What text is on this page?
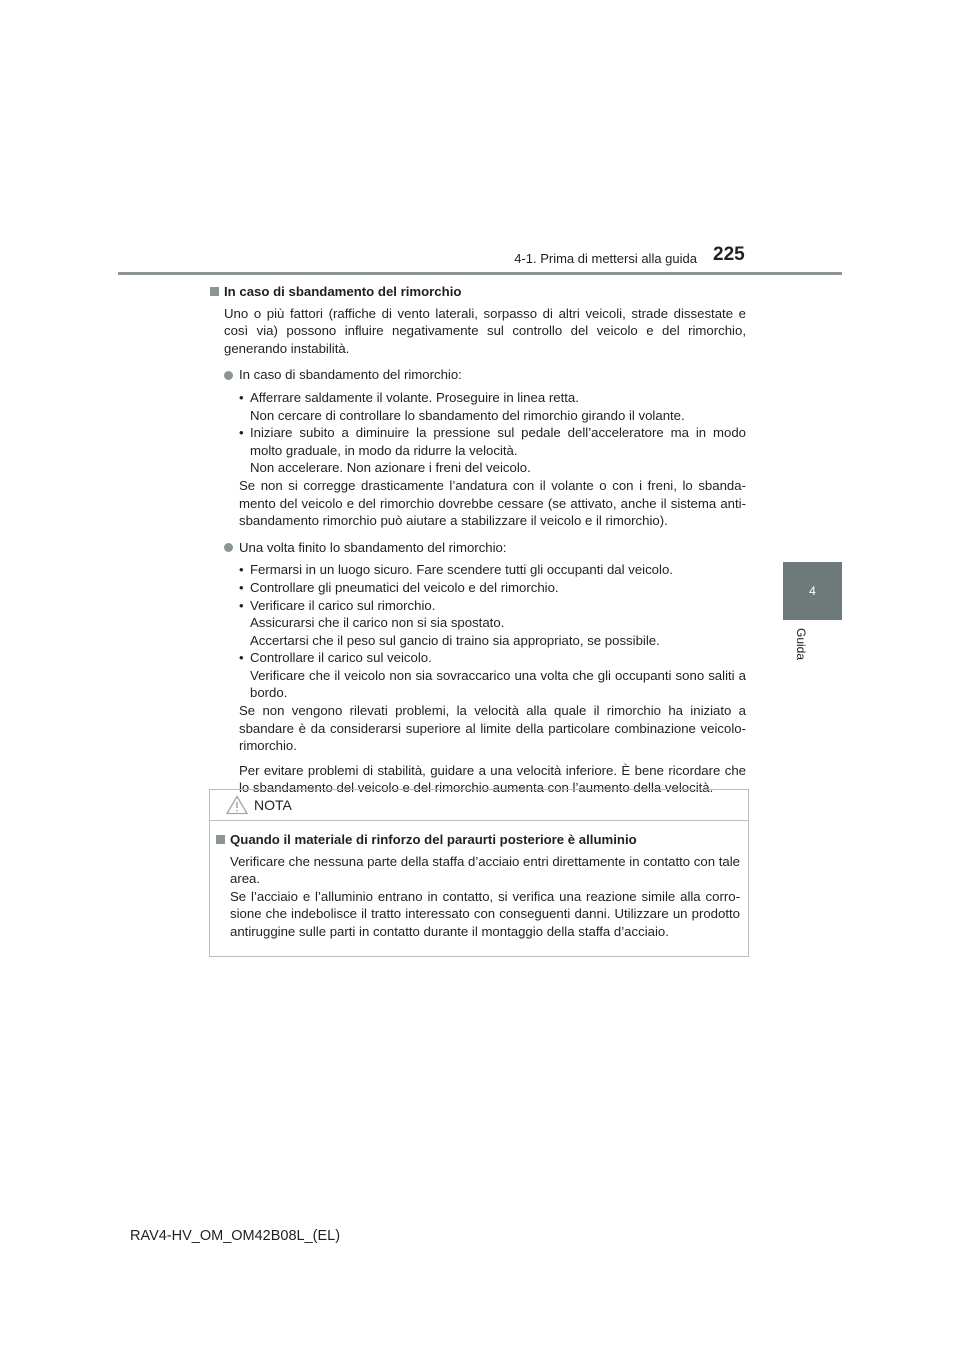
4-1. Prima di mettersi alla guida 225
4
Guida
In caso di sbandamento del rimorchio

Uno o più fattori (raffiche di vento laterali, sorpasso di altri veicoli, strade dissestate e così via) possono influire negativamente sul controllo del veicolo e del rimorchio, generando instabilità.

In caso di sbandamento del rimorchio:
• Afferrare saldamente il volante. Proseguire in linea retta.
Non cercare di controllare lo sbandamento del rimorchio girando il volante.
• Iniziare subito a diminuire la pressione sul pedale dell’acceleratore ma in modo molto graduale, in modo da ridurre la velocità.
Non accelerare. Non azionare i freni del veicolo.
Se non si corregge drasticamente l’andatura con il volante o con i freni, lo sbandamento del veicolo e del rimorchio dovrebbe cessare (se attivato, anche il sistema anti-sbandamento rimorchio può aiutare a stabilizzare il veicolo e il rimorchio).
Una volta finito lo sbandamento del rimorchio:
• Fermarsi in un luogo sicuro. Fare scendere tutti gli occupanti dal veicolo.
• Controllare gli pneumatici del veicolo e del rimorchio.
• Verificare il carico sul rimorchio.
Assicurarsi che il carico non si sia spostato.
Accertarsi che il peso sul gancio di traino sia appropriato, se possibile.
• Controllare il carico sul veicolo.
Verificare che il veicolo non sia sovraccarico una volta che gli occupanti sono saliti a bordo.
Se non vengono rilevati problemi, la velocità alla quale il rimorchio ha iniziato a sbandare è da considerarsi superiore al limite della particolare combinazione veicolo-rimorchio.
Per evitare problemi di stabilità, guidare a una velocità inferiore. È bene ricordare che lo sbandamento del veicolo e del rimorchio aumenta con l’aumento della velocità.
NOTA
Quando il materiale di rinforzo del paraurti posteriore è alluminio

Verificare che nessuna parte della staffa d’acciaio entri direttamente in contatto con tale area.

Se l’acciaio e l’alluminio entrano in contatto, si verifica una reazione simile alla corrosione che indebolisce il tratto interessato con conseguenti danni. Utilizzare un prodotto antiruggine sulle parti in contatto durante il montaggio della staffa d’acciaio.

RAV4-HV_OM_OM42B08L_(EL)
